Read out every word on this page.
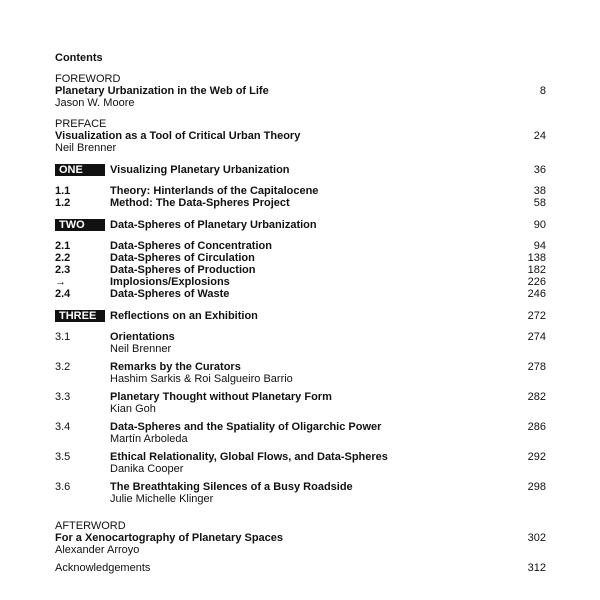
Contents
FOREWORD
Planetary Urbanization in the Web of Life	8
Jason W. Moore
PREFACE
Visualization as a Tool of Critical Urban Theory	24
Neil Brenner
ONE	Visualizing Planetary Urbanization	36
1.1	Theory: Hinterlands of the Capitalocene	38
1.2	Method: The Data-Spheres Project	58
TWO	Data-Spheres of Planetary Urbanization	90
2.1	Data-Spheres of Concentration	94
2.2	Data-Spheres of Circulation	138
2.3	Data-Spheres of Production	182
→	Implosions/Explosions	226
2.4	Data-Spheres of Waste	246
THREE	Reflections on an Exhibition	272
3.1	Orientations	274
Neil Brenner
3.2	Remarks by the Curators	278
Hashim Sarkis & Roi Salgueiro Barrio
3.3	Planetary Thought without Planetary Form	282
Kian Goh
3.4	Data-Spheres and the Spatiality of Oligarchic Power	286
Martín Arboleda
3.5	Ethical Relationality, Global Flows, and Data-Spheres	292
Danika Cooper
3.6	The Breathtaking Silences of a Busy Roadside	298
Julie Michelle Klinger
AFTERWORD
For a Xenocartography of Planetary Spaces	302
Alexander Arroyo
Acknowledgements	312
